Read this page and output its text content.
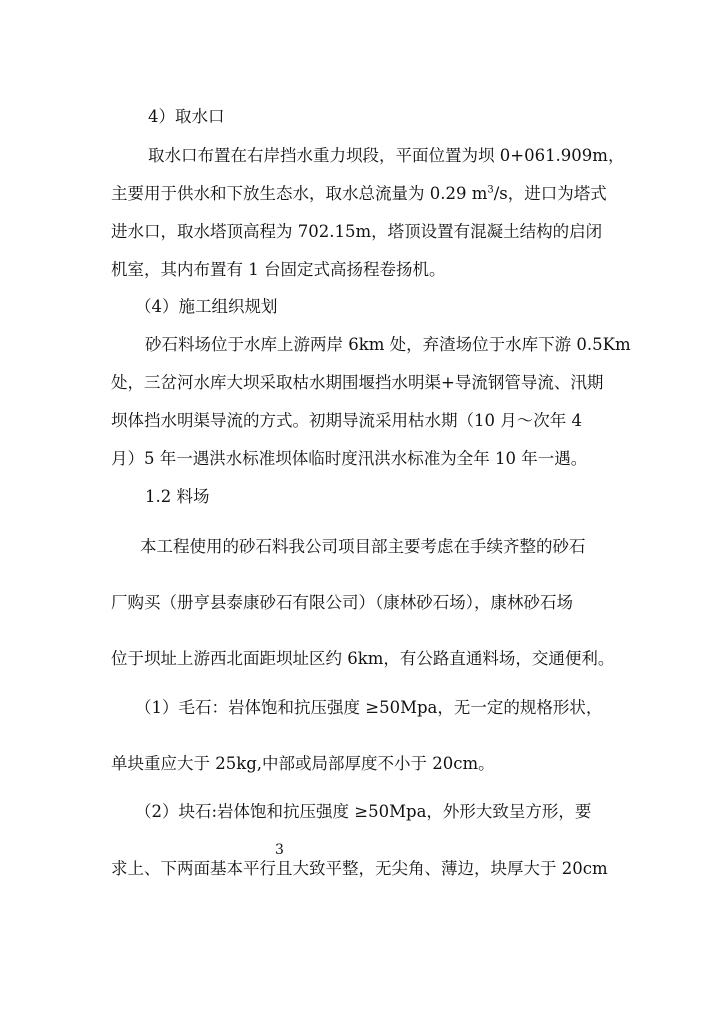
4）取水口
取水口布置在右岸挡水重力坝段，平面位置为坝 0+061.909m，
主要用于供水和下放生态水，取水总流量为 0.29 $m^3/s$，进口为塔式
进水口，取水塔顶高程为 702.15m，塔顶设置有混凝土结构的启闭
机室，其内布置有 1 台固定式高扬程卷扬机。
（4）施工组织规划
砂石料场位于水库上游两岸 6km 处，弃渣场位于水库下游 0.5Km
处，三岔河水库大坝采取枯水期围堰挡水明渠+导流钢管导流、汛期
坝体挡水明渠导流的方式。初期导流采用枯水期（10 月～次年 4
月）5 年一遇洪水标准坝体临时度汛洪水标准为全年 10 年一遇。
1.2 料场
本工程使用的砂石料我公司项目部主要考虑在手续齐整的砂石
厂购买（册亨县泰康砂石有限公司）（康林砂石场），康林砂石场
位于坝址上游西北面距坝址区约 6km，有公路直通料场，交通便利。
（1）毛石：岩体饱和抗压强度 ≥50Mpa，无一定的规格形状，
单块重应大于 25kg,中部或局部厚度不小于 20cm。
（2）块石:岩体饱和抗压强度 ≥50Mpa，外形大致呈方形，要
求上、下两面基本平行且大致平整，无尖角、薄边，块厚大于 20cm
3
